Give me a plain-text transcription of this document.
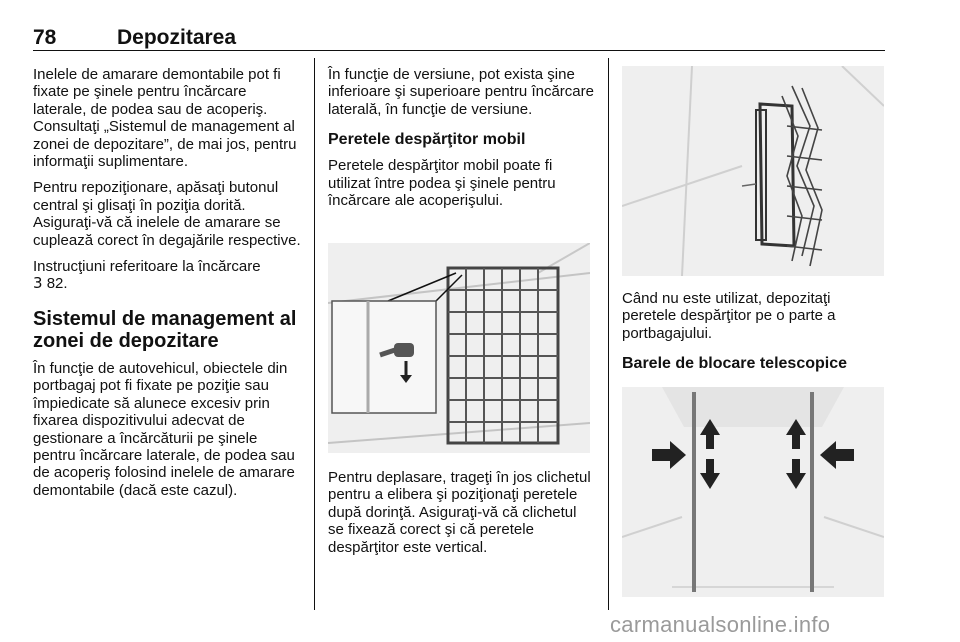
78	Depozitarea

Inelele de amarare demontabile pot fi fixate pe şinele pentru încărcare laterale, de podea sau de acoperiş. Consultaţi „Sistemul de management al zonei de depozitare”, de mai jos, pentru informaţii suplimentare.

Pentru repoziţionare, apăsaţi butonul central şi glisaţi în poziţia dorită. Asiguraţi-vă că inelele de amarare se cuplează corect în degajările respective.

Instrucţiuni referitoare la încărcare
3 82.

Sistemul de management al zonei de depozitare

În funcţie de autovehicul, obiectele din portbagaj pot fi fixate pe poziţie sau împiedicate să alunece excesiv prin fixarea dispozitivului adecvat de gestionare a încărcăturii pe şinele pentru încărcare laterale, de podea sau de acoperiş folosind inelele de amarare demontabile (dacă este cazul).

În funcţie de versiune, pot exista şine inferioare şi superioare pentru încărcare laterală, în funcţie de versiune.

Peretele despărţitor mobil

Peretele despărţitor mobil poate fi utilizat între podea şi şinele pentru încărcare ale acoperişului.

Pentru deplasare, trageţi în jos clichetul pentru a elibera şi poziţionaţi peretele după dorinţă. Asiguraţi-vă că clichetul se fixează corect şi că peretele despărţitor este vertical.

Când nu este utilizat, depozitaţi peretele despărţitor pe o parte a portbagajului.

Barele de blocare telescopice
carmanualsonline.info
